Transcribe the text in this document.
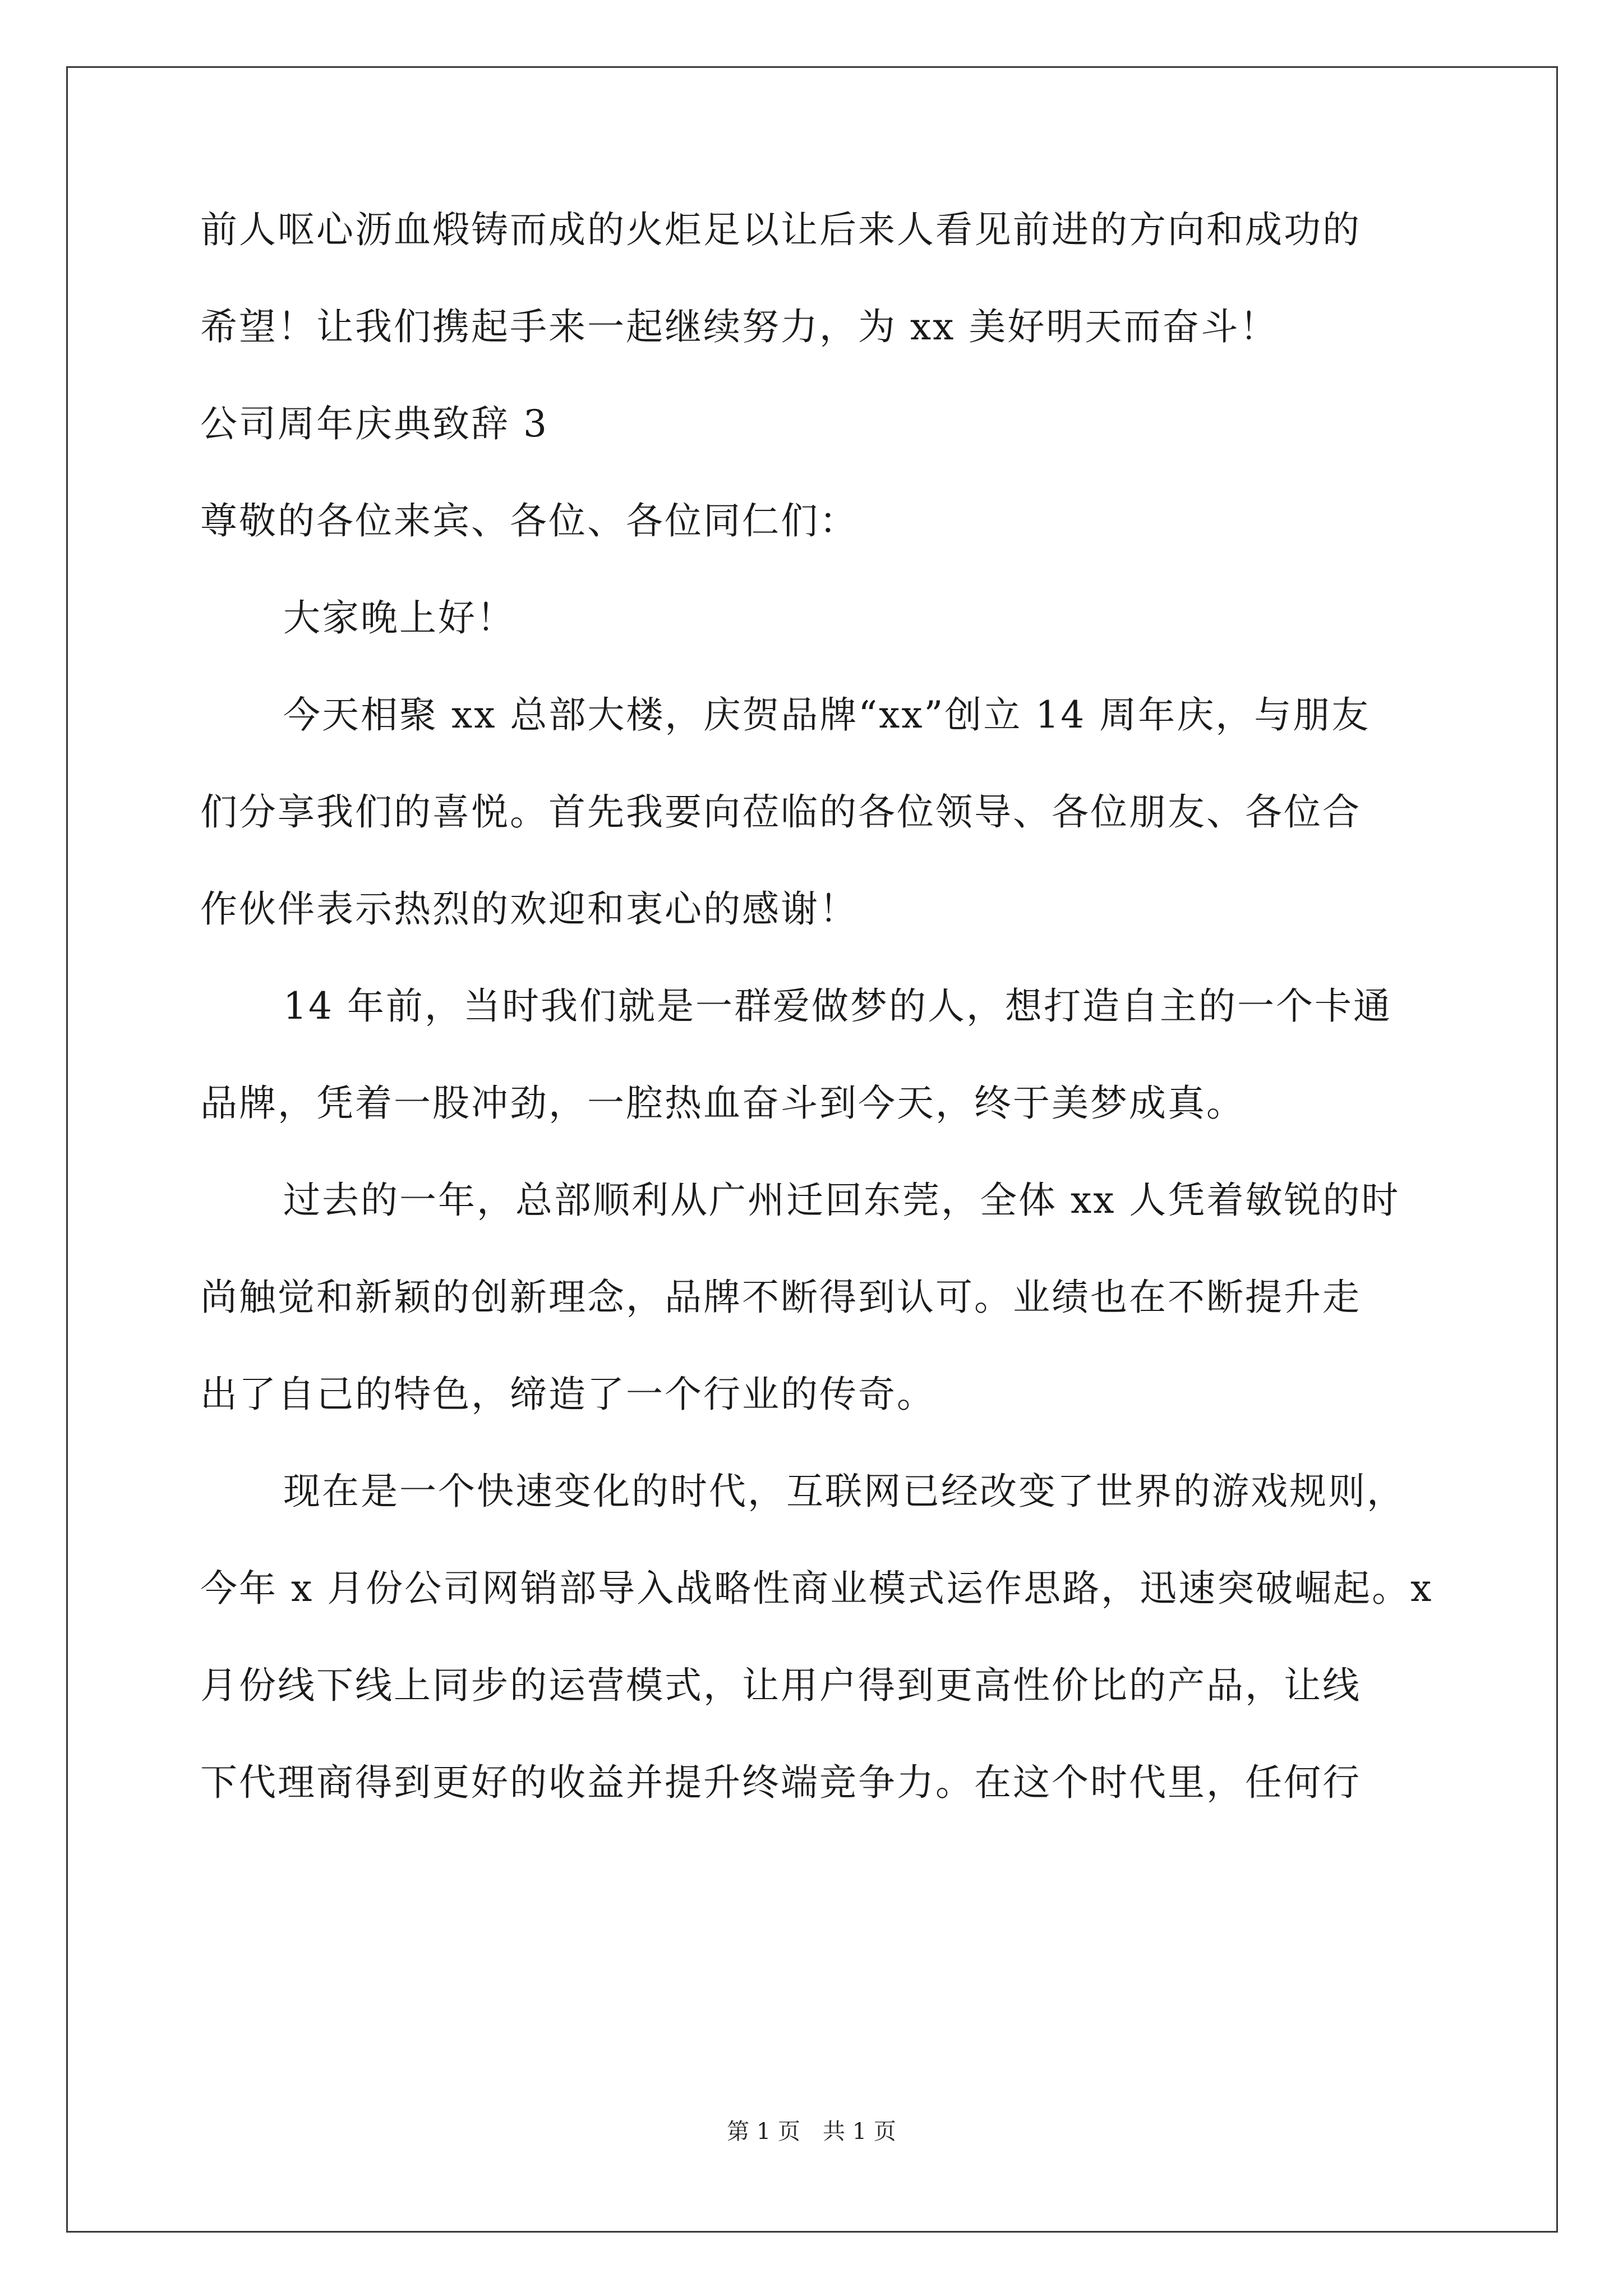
前人呕心沥血煅铸而成的火炬足以让后来人看见前进的方向和成功的
希望！让我们携起手来一起继续努力，为 xx 美好明天而奋斗！
公司周年庆典致辞 3
尊敬的各位来宾、各位、各位同仁们：
大家晚上好！
今天相聚 xx 总部大楼，庆贺品牌“xx”创立 14 周年庆，与朋友
们分享我们的喜悦。首先我要向莅临的各位领导、各位朋友、各位合
作伙伴表示热烈的欢迎和衷心的感谢！
14 年前，当时我们就是一群爱做梦的人，想打造自主的一个卡通
品牌，凭着一股冲劲，一腔热血奋斗到今天，终于美梦成真。
过去的一年，总部顺利从广州迁回东莞，全体 xx 人凭着敏锐的时
尚触觉和新颖的创新理念，品牌不断得到认可。业绩也在不断提升走
出了自己的特色，缔造了一个行业的传奇。
现在是一个快速变化的时代，互联网已经改变了世界的游戏规则，
今年 x 月份公司网销部导入战略性商业模式运作思路，迅速突破崛起。x
月份线下线上同步的运营模式，让用户得到更高性价比的产品，让线
下代理商得到更好的收益并提升终端竞争力。在这个时代里，任何行
第 1 页　共 1 页
